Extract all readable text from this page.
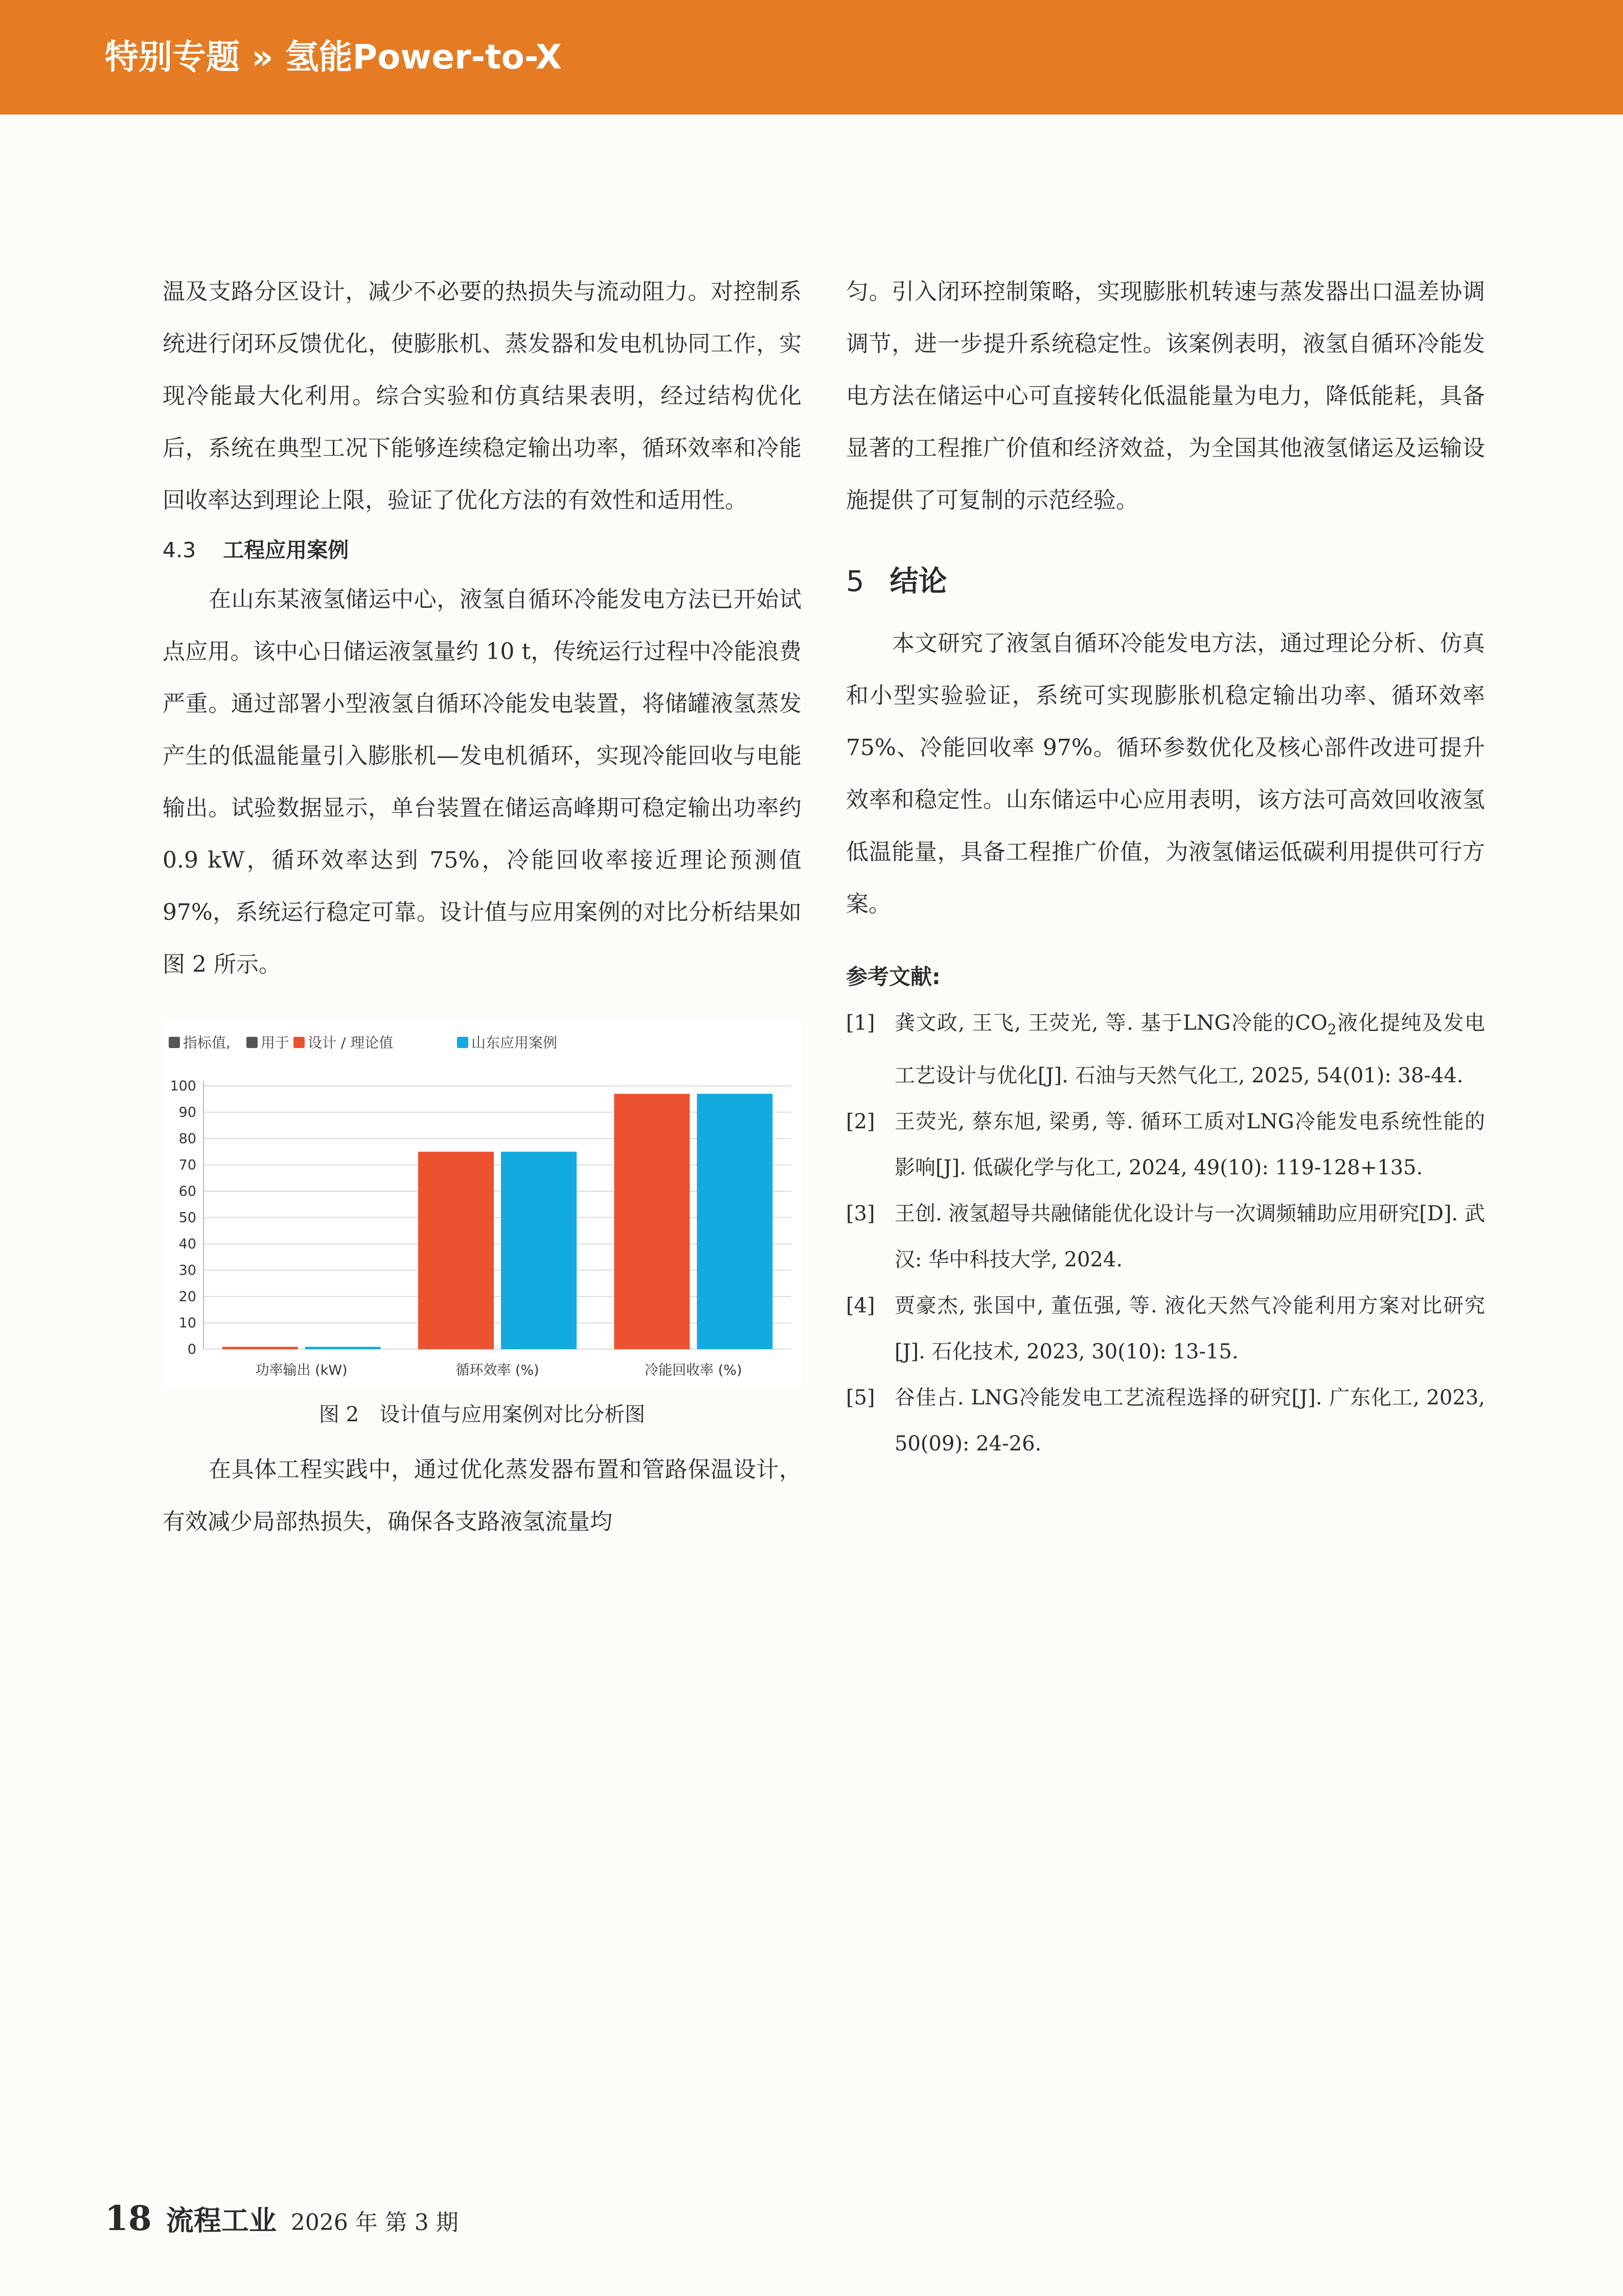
特别专题 » 氢能Power-to-X

温及支路分区设计，减少不必要的热损失与流动阻力。对控制系统进行闭环反馈优化，使膨胀机、蒸发器和发电机协同工作，实现冷能最大化利用。综合实验和仿真结果表明，经过结构优化后，系统在典型工况下能够连续稳定输出功率，循环效率和冷能回收率达到理论上限，验证了优化方法的有效性和适用性。

4.3 工程应用案例

在山东某液氢储运中心，液氢自循环冷能发电方法已开始试点应用。该中心日储运液氢量约 10 t，传统运行过程中冷能浪费严重。通过部署小型液氢自循环冷能发电装置，将储罐液氢蒸发产生的低温能量引入膨胀机—发电机循环，实现冷能回收与电能输出。试验数据显示，单台装置在储运高峰期可稳定输出功率约 0.9 kW，循环效率达到 75%，冷能回收率接近理论预测值 97%，系统运行稳定可靠。设计值与应用案例的对比分析结果如图 2 所示。

指标值, 用于 设计 / 理论值	山东应用案例
0
10
20
30
40
50
60
70
80
90
100
功率输出 (kW)	循环效率 (%)	冷能回收率 (%)
图 2 设计值与应用案例对比分析图

在具体工程实践中，通过优化蒸发器布置和管路保温设计，有效减少局部热损失，确保各支路液氢流量均

匀。引入闭环控制策略，实现膨胀机转速与蒸发器出口温差协调调节，进一步提升系统稳定性。该案例表明，液氢自循环冷能发电方法在储运中心可直接转化低温能量为电力，降低能耗，具备显著的工程推广价值和经济效益，为全国其他液氢储运及运输设施提供了可复制的示范经验。

5 结论

本文研究了液氢自循环冷能发电方法，通过理论分析、仿真和小型实验验证，系统可实现膨胀机稳定输出功率、循环效率 75%、冷能回收率 97%。循环参数优化及核心部件改进可提升效率和稳定性。山东储运中心应用表明，该方法可高效回收液氢低温能量，具备工程推广价值，为液氢储运低碳利用提供可行方案。

参考文献:
[1] 龚文政, 王飞, 王荧光, 等. 基于LNG冷能的$CO_2$液化提纯及发电工艺设计与优化[J]. 石油与天然气化工, 2025, 54(01): 38-44.
[2] 王荧光, 蔡东旭, 梁勇, 等. 循环工质对LNG冷能发电系统性能的影响[J]. 低碳化学与化工, 2024, 49(10): 119-128+135.
[3] 王创. 液氢超导共融储能优化设计与一次调频辅助应用研究[D]. 武汉: 华中科技大学, 2024.
[4] 贾豪杰, 张国中, 董伍强, 等. 液化天然气冷能利用方案对比研究[J]. 石化技术, 2023, 30(10): 13-15.
[5] 谷佳占. LNG冷能发电工艺流程选择的研究[J]. 广东化工, 2023, 50(09): 24-26.
18 流程工业 2026 年 第 3 期
